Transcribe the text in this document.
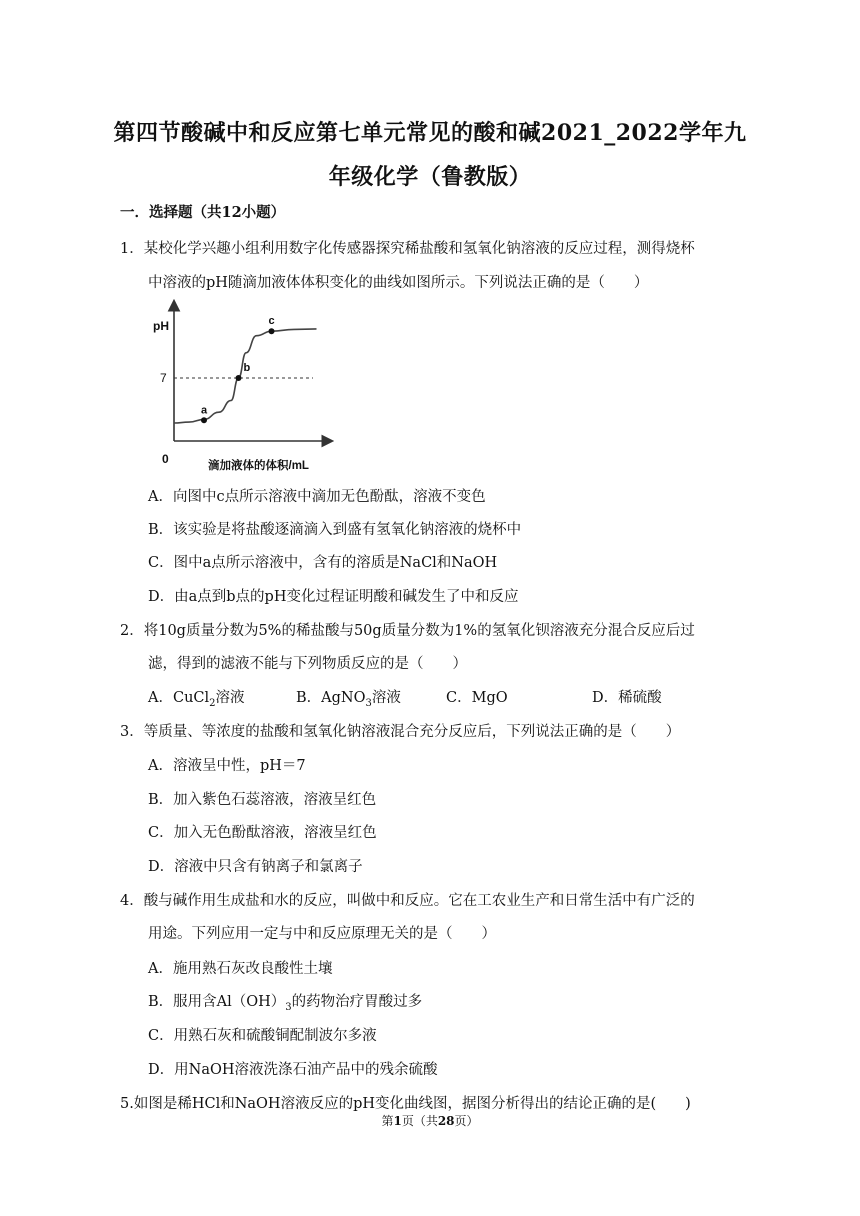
第四节酸碱中和反应第七单元常见的酸和碱2021_2022学年九
年级化学（鲁教版）
一．选择题（共12小题）
1．某校化学兴趣小组利用数字化传感器探究稀盐酸和氢氧化钠溶液的反应过程，测得烧杯
中溶液的pH随滴加液体体积变化的曲线如图所示。下列说法正确的是（　　）
a
b
c
pH
7
0	滴加液体的体积/mL
A．向图中c点所示溶液中滴加无色酚酞，溶液不变色
B．该实验是将盐酸逐滴滴入到盛有氢氧化钠溶液的烧杯中
C．图中a点所示溶液中，含有的溶质是NaCl和NaOH
D．由a点到b点的pH变化过程证明酸和碱发生了中和反应
2．将10g质量分数为5%的稀盐酸与50g质量分数为1%的氢氧化钡溶液充分混合反应后过
滤，得到的滤液不能与下列物质反应的是（　　）
A．CuCl$_2$溶液	B．AgNO$_3$溶液	C．MgO	D．稀硫酸
3．等质量、等浓度的盐酸和氢氧化钠溶液混合充分反应后，下列说法正确的是（　　）
A．溶液呈中性，pH＝7
B．加入紫色石蕊溶液，溶液呈红色
C．加入无色酚酞溶液，溶液呈红色
D．溶液中只含有钠离子和氯离子
4．酸与碱作用生成盐和水的反应，叫做中和反应。它在工农业生产和日常生活中有广泛的
用途。下列应用一定与中和反应原理无关的是（　　）
A．施用熟石灰改良酸性土壤
B．服用含$Al(OH)_3$的药物治疗胃酸过多
C．用熟石灰和硫酸铜配制波尔多液
D．用NaOH溶液洗涤石油产品中的残余硫酸
5.如图是稀HCl和NaOH溶液反应的pH变化曲线图，据图分析得出的结论正确的是(　　)
第1页（共28页）
